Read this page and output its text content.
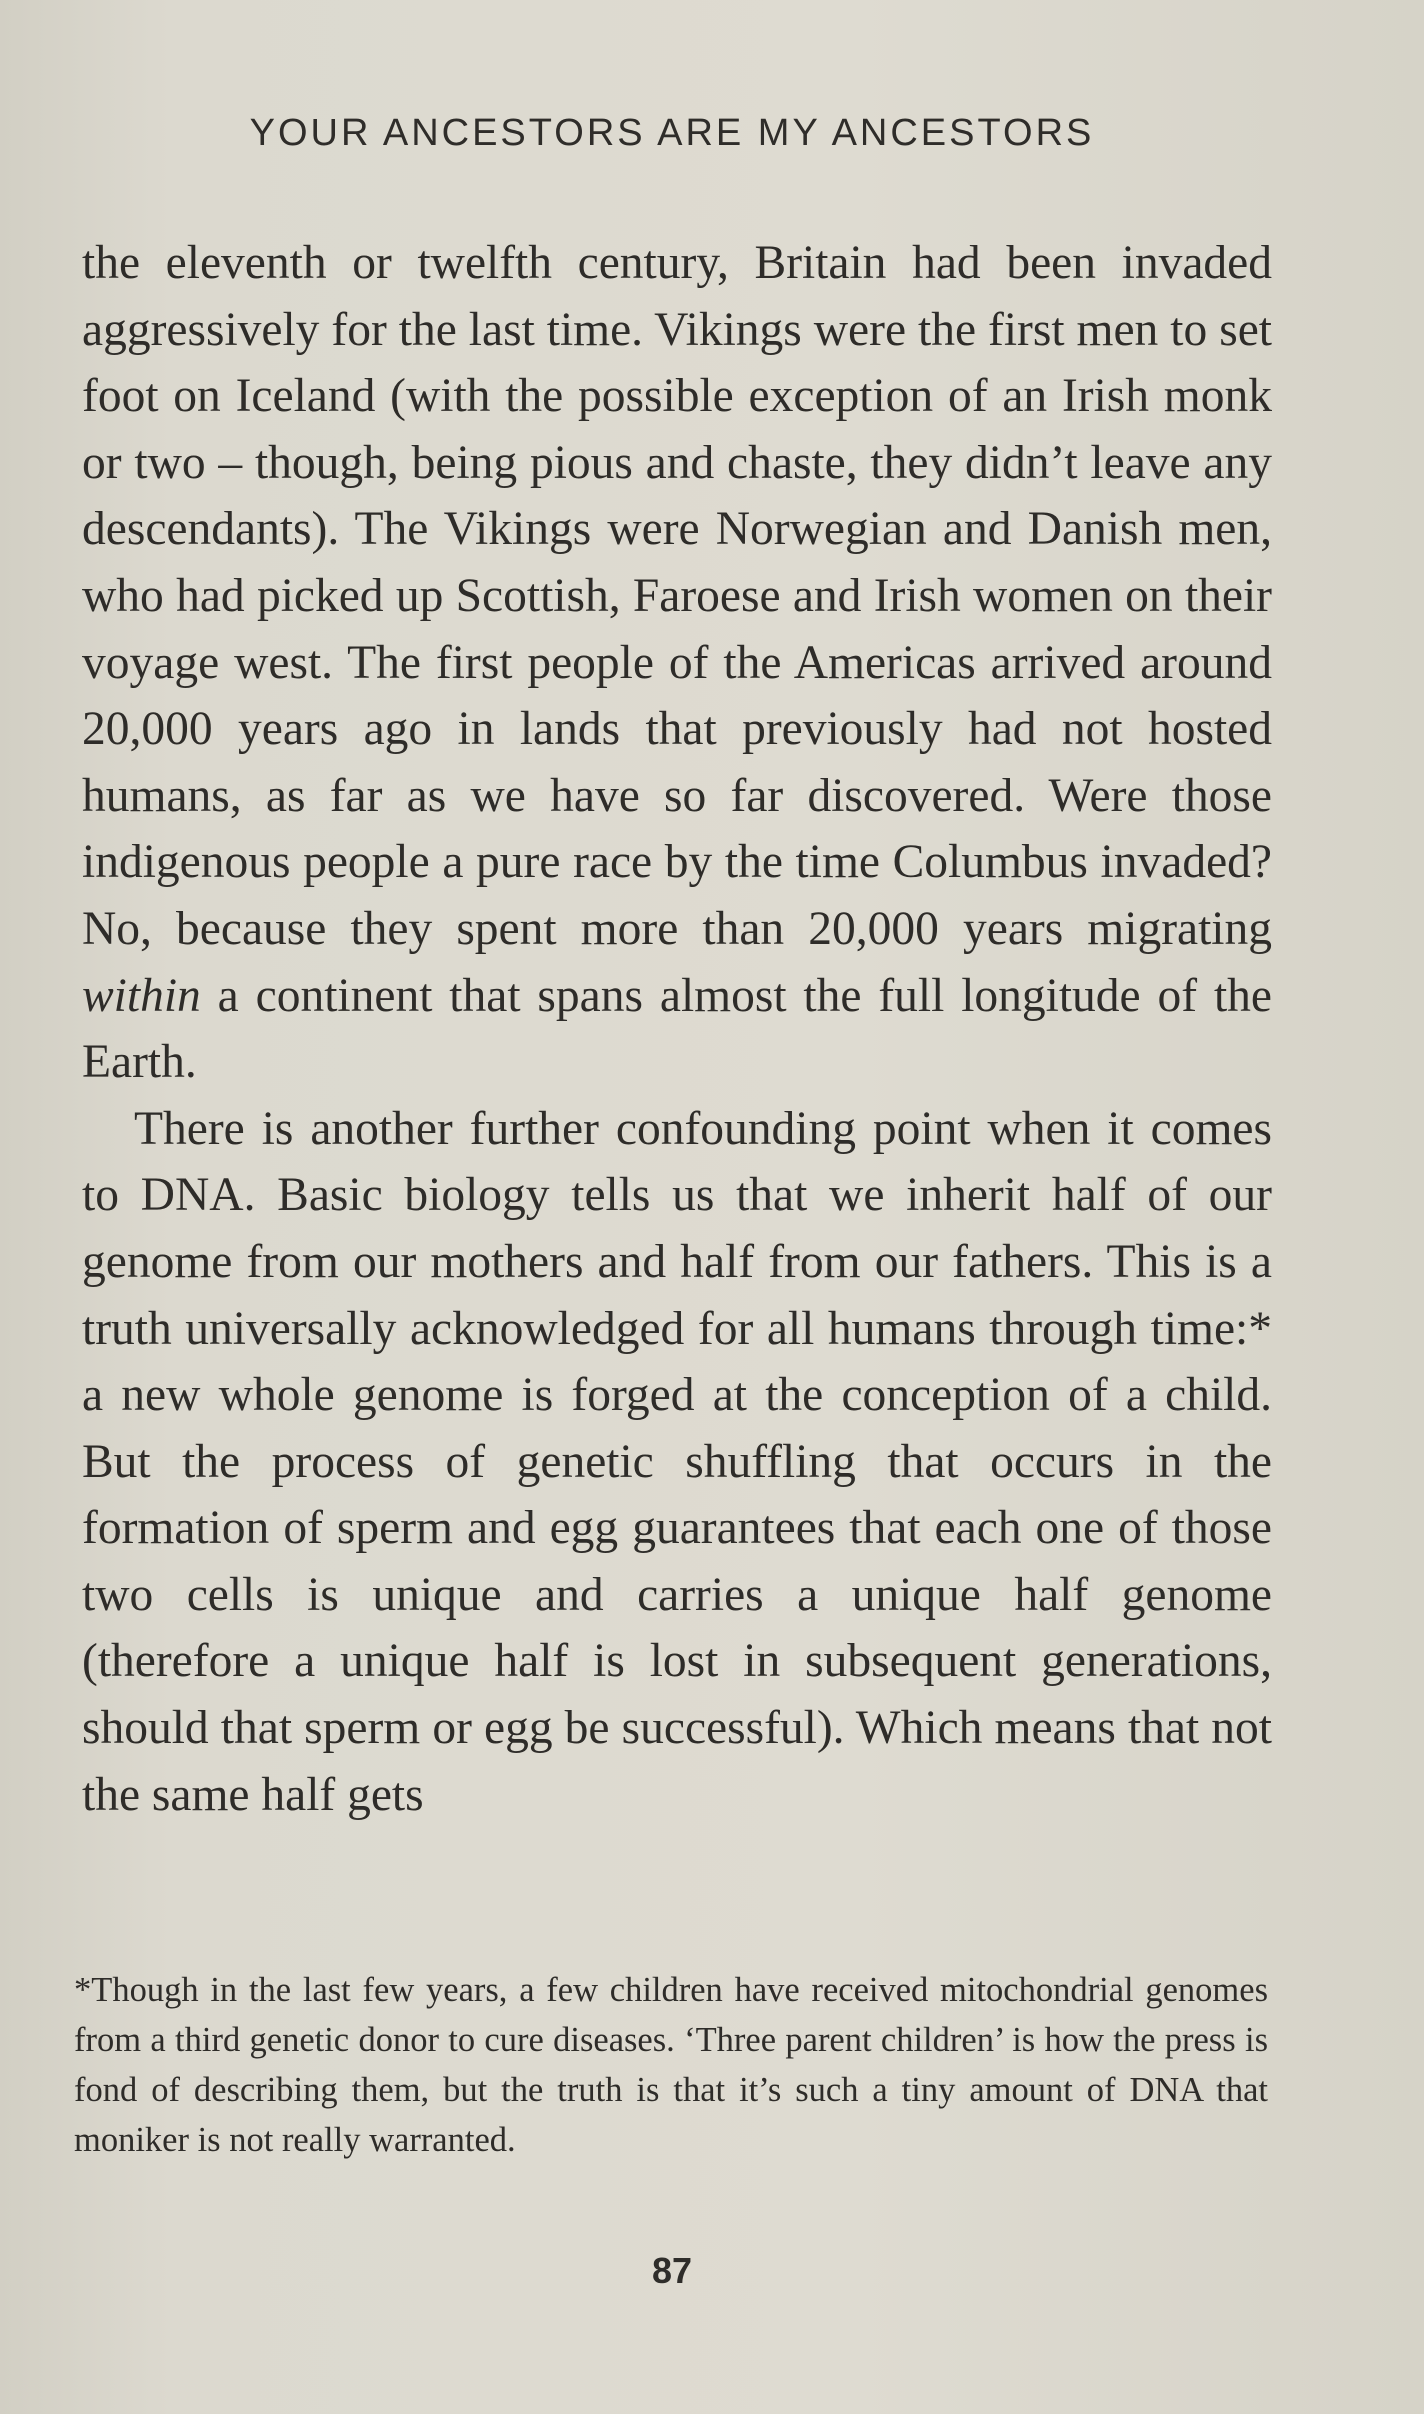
YOUR ANCESTORS ARE MY ANCESTORS

the eleventh or twelfth century, Britain had been invaded aggressively for the last time. Vikings were the first men to set foot on Iceland (with the possible exception of an Irish monk or two – though, being pious and chaste, they didn’t leave any descendants). The Vikings were Norwegian and Danish men, who had picked up Scottish, Faroese and Irish women on their voyage west. The first people of the Americas arrived around 20,000 years ago in lands that previously had not hosted humans, as far as we have so far discovered. Were those indigenous people a pure race by the time Columbus invaded? No, because they spent more than 20,000 years migrating within a continent that spans almost the full longitude of the Earth.

There is another further confounding point when it comes to DNA. Basic biology tells us that we inherit half of our genome from our mothers and half from our fathers. This is a truth universally acknowledged for all humans through time:* a new whole genome is forged at the conception of a child. But the process of genetic shuffling that occurs in the formation of sperm and egg guarantees that each one of those two cells is unique and carries a unique half genome (therefore a unique half is lost in subsequent generations, should that sperm or egg be successful). Which means that not the same half gets

*Though in the last few years, a few children have received mitochondrial genomes from a third genetic donor to cure diseases. ‘Three parent children’ is how the press is fond of describing them, but the truth is that it’s such a tiny amount of DNA that moniker is not really warranted.

87
